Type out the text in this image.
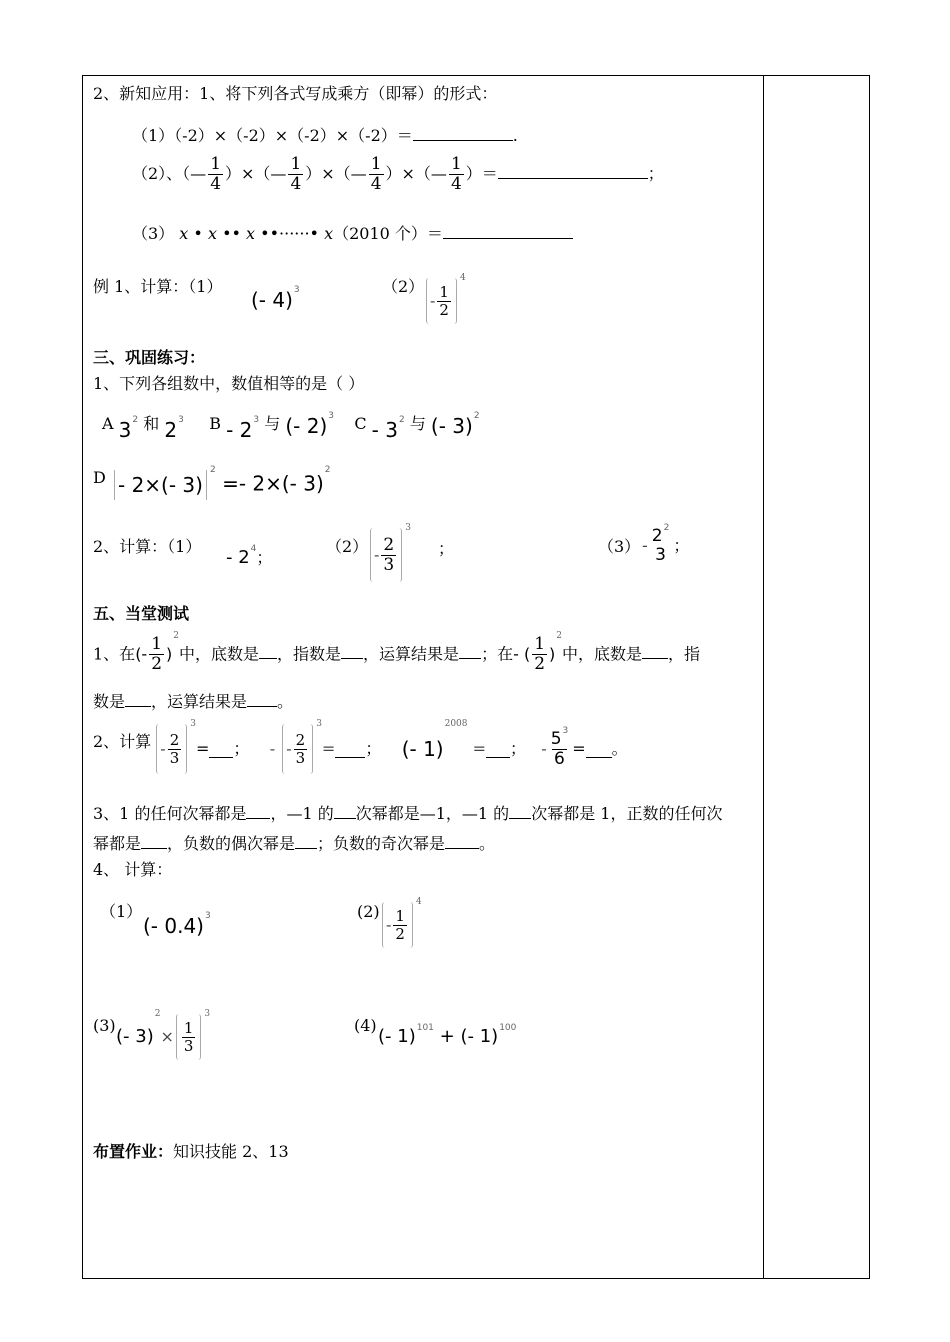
2、新知应用：1、将下列各式写成乘方（即幂）的形式：
（1）（-2）×（-2）×（-2）×（-2）＝	.
（2）、（— $\frac{1}{4}$ ）×（— $\frac{1}{4}$ ）×（— $\frac{1}{4}$ ）×（— $\frac{1}{4}$ ）＝	；
（3） x • x •• x ••······• x（2010 个）＝
例 1、计算：（1）
(- 4)$^3$	（2）
- $\frac{1}{2}$
$^4$
三、巩固练习：
1、下列各组数中，数值相等的是（ ）
A $3^2$ 和 $2^3$ B - $2^3$ 与 (- 2)$^3$ C - $3^2$ 与 (- 3)$^2$
D - 2×(- 3)
$^2$ =- 2×(- 3)$^2$
2、计算：（1）
- $2^4$；
$(2) - \frac{2}{3}$
$^3$
；	$(3) - 2^2$
3 ；
五、当堂测试
1、在(- $\frac{1}{2} )^2$中，底数是 ，指数是 ，运算结果是 ；在- ( $\frac{1}{2} )^2$中，底数是 ，指
数是 ，运算结果是 。
2、计算 - $\frac{2}{3}$
$^3$= ； - - $\frac{2}{3}$
$^3$= ； (- 1)$^{2008}$ = ； - $\frac{5^3}{6}$ = 。
3、1 的任何次幂都是 ，—1 的 次幂都是—1，—1 的 次幂都是 1，正数的任何次
幂都是 ，负数的偶次幂是 ；负数的奇次幂是 。
4、 计算：
（1）
(- 0.4)$^3$	(2)
- $\frac{1}{2}$
$^4$
(3)
(- $3)^2\times \frac{1}{3}$
$^3$
(4)
(- 1)$^{101}$ + (- 1)$^{100}$
布置作业：知识技能 2、13
